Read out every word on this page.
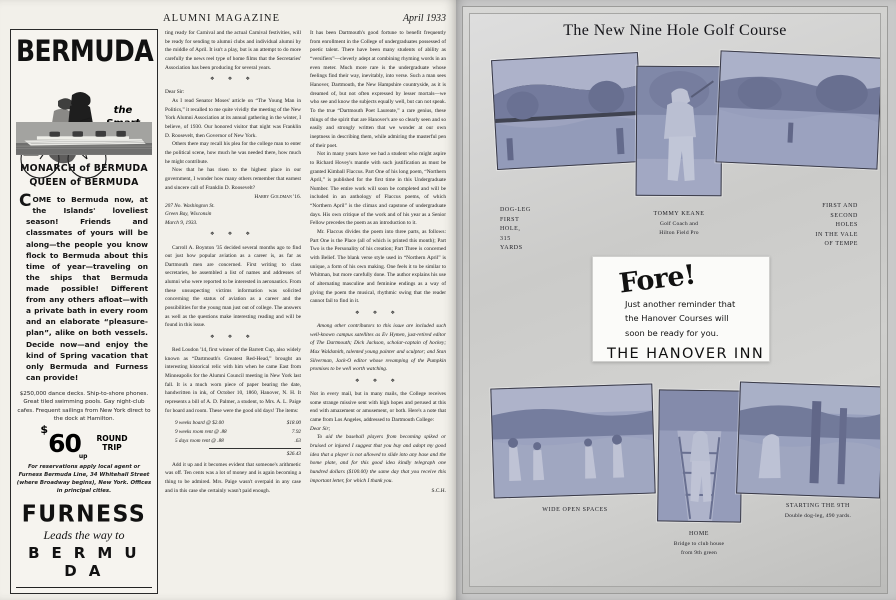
ALUMNI MAGAZINE	April 1933
BERMUDA
the
MONARCH of BERMUDA
QUEEN of BERMUDA
COME to Bermuda now, at the Islands' loveliest season! Friends and classmates of yours will be along—the people you know flock to Bermuda about this time of year—traveling on the ships that Bermuda made possible! Different from any others afloat—with a private bath in every room and an elaborate “pleasure-plan”, alike on both vessels. Decide now—and enjoy the kind of Spring vacation that only Bermuda and Furness can provide!
$250,000 dance decks. Ship-to-shore phones. Great tiled swimming pools. Gay night-club cafes. Frequent sailings from New York direct to the dock at Hamilton.
$^{\$}60_{up}$
ROUND
TRIP
For reservations apply local agent or Furness Bermuda Line, 34 Whitehall Street (where Broadway begins), New York. Offices in principal cities.
FURNESS
Leads the way to
B E R M U D A

ting ready for Carnival and the actual Carnival festivities, will be ready for sending to alumni clubs and individual alumni by the middle of April. It isn't a play, but is an attempt to do more carefully the news reel type of home films that the Secretaries' Association has been producing for several years.

❖ ❖ ❖

Dear Sir:

As I read Senator Moses' article on “The Young Man in Politics,” it recalled to me quite vividly the meeting of the New York Alumni Association at its annual gathering in the winter, I believe, of 1930. Our honored visitor that night was Franklin D. Roosevelt, then Governor of New York.

Others there may recall his plea for the college man to enter the political scene, how much he was needed there, how much he might contribute.

Now that he has risen to the highest place in our government, I wonder how many others remember that earnest and sincere call of Franklin D. Roosevelt?

Harry Goldman '16.

207 No. Washington St.

Green Bay, Wisconsin

March 9, 1933.

❖ ❖ ❖

Carroll A. Boynton '35 decided several months ago to find out just how popular aviation as a career is, as far as Dartmouth men are concerned. First writing to class secretaries, he assembled a list of names and addresses of alumni who were reported to be interested in aeronautics. From these unsuspecting victims information was solicited concerning the status of aviation as a career and the possibilities for the young man just out of college. The answers as well as the questions make interesting reading and will be found in this issue.

❖ ❖ ❖

Red Loudon '14, first winner of the Barrett Cup, also widely known as “Dartmouth's Greatest Red-Head,” brought an interesting historical relic with him when he came East from Minneapolis for the Alumni Council meeting in New York last fall. It is a much worn piece of paper bearing the date, handwritten in ink, of October 10, 1860, Hanover, N. H. It represents a bill of A. D. Palmer, a student, to Mrs. A. L. Paige for board and room. These were the good old days! The items:

9 weeks board @ $2.00	$18.00
9 weeks room rent @ .88	7.92
5 days room rent @ .88	.63
$26.43

Add it up and it becomes evident that someone's arithmetic was off. Ten cents was a lot of money and is again becoming a thing to be admired. Mrs. Paige wasn't overpaid in any case and in this case she certainly wasn't paid enough.

It has been Dartmouth's good fortune to benefit frequently from enrollment in the College of undergraduates possessed of poetic talent. There have been many students of ability as “versifiers”—cleverly adept at combining rhyming words in an even meter. Much more rare is the undergraduate whose feelings find their way, inevitably, into verse. Such a man sees Hanover, Dartmouth, the New Hampshire countryside, as it is dreamed of, but not often expressed by lesser mortals—we who see and know the subjects equally well, but can not speak. To the true “Dartmouth Poet Laureate,” a rare genius, these things of the spirit that are Hanover's are so clearly seen and so easily and strongly written that we wonder at our own ineptness in describing them, while admiring the masterful pen of their poet.

Not in many years have we had a student who might aspire to Richard Hovey's mantle with such justification as must be granted Kimball Flaccus. Part One of his long poem, “Northern April,” is published for the first time in this Undergraduate Number. The entire work will soon be completed and will be included in an anthology of Flaccus poems, of which “Northern April” is the climax and capstone of undergraduate days. His own critique of the work and of his year as a Senior Fellow precedes the poem as an introduction to it.

Mr. Flaccus divides the poem into three parts, as follows: Part One is the Place (all of which is printed this month); Part Two is the Personality of his creation; Part Three is concerned with Belief. The blank verse style used in “Northern April” is unique, a form of his own making. One feels it to be similar to Whitman, but more carefully done. The author explains his use of alternating masculine and feminine endings as a way of giving the poem the musical, rhythmic swing that the reader cannot fail to find in it.

❖ ❖ ❖

Among other contributors to this issue are included such well-known campus satellites as Ev Hymen, just-retired editor of The Dartmouth; Dick Jackson, scholar-captain of hockey; Max Waldsmith, talented young painter and sculptor; and Stan Silverman, Jack-O editor whose revamping of the Pumpkin promises to be well worth watching.

❖ ❖ ❖

Not in every mail, but in many mails, the College receives some strange missive sent with high hopes and perused at this end with amazement or amusement, or both. Here's a note that came from Los Angeles, addressed to Dartmouth College:

Dear Sir;

To aid the baseball players from becoming spiked or bruised or injured I suggest that you buy and adopt my good idea that a player is not allowed to slide into any base and the home plate, and for this good idea kindly telegraph one hundred dollars ($100.00) the same day that you receive this important letter, for which I thank you.

S.C.H.
The New Nine Hole Golf Course
DOG-LEG
FIRST
HOLE,
315
YARDS
TOMMY KEANE
Golf Coach and
Hilton Field Pro
FIRST AND
SECOND
HOLES
IN THE VALE
OF TEMPE
Fore!
Just another reminder that
the Hanover Courses will
soon be ready for you.
THE HANOVER INN
WIDE OPEN SPACES
HOME
Bridge to club house
from 9th green
STARTING THE 9TH
Double dog-leg, 490 yards.
